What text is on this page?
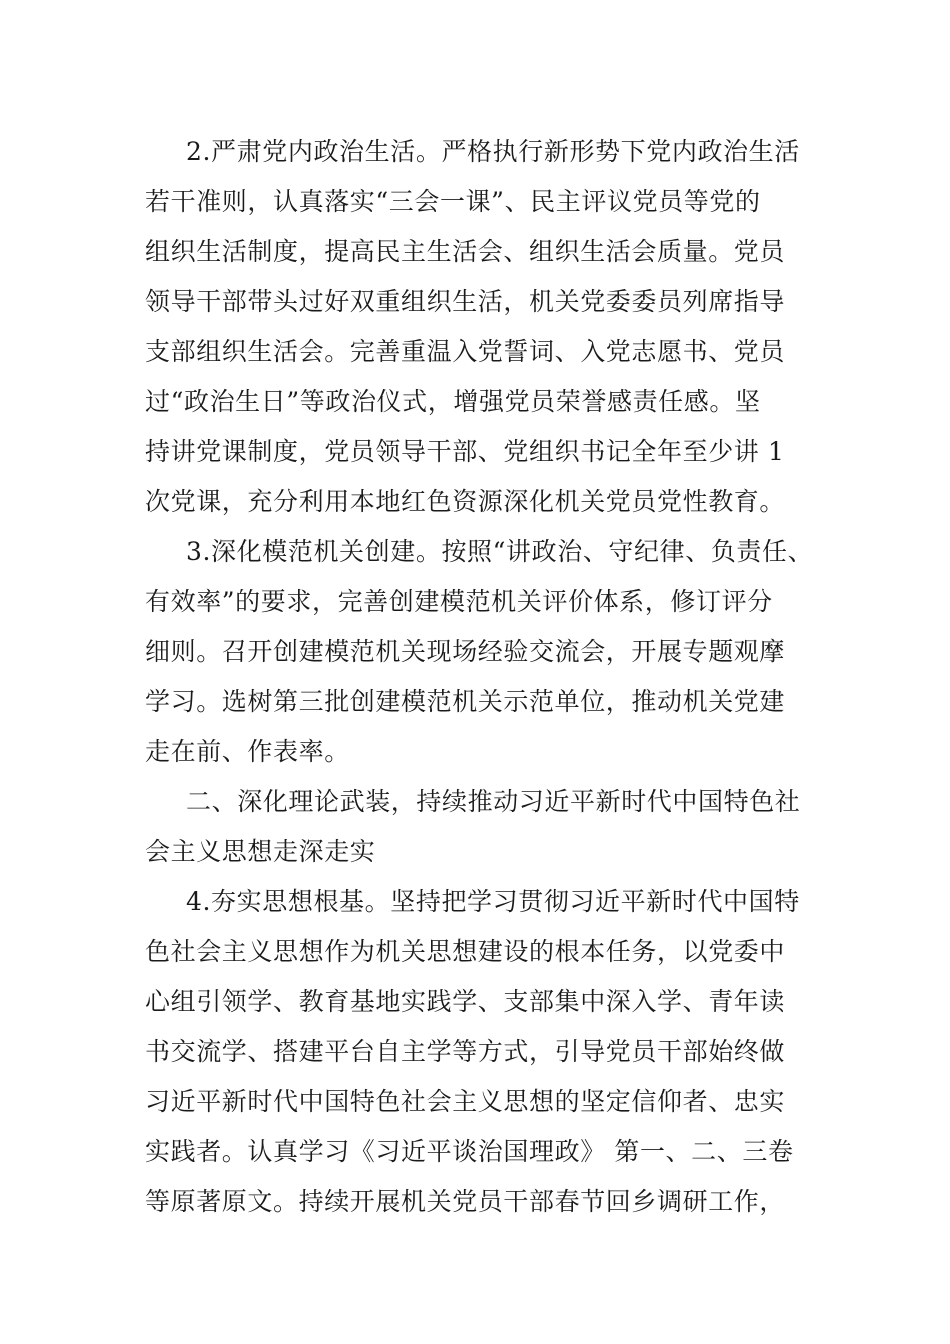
2.严肃党内政治生活。严格执行新形势下党内政治生活
若干准则，认真落实“三会一课”、民主评议党员等党的
组织生活制度，提高民主生活会、组织生活会质量。党员
领导干部带头过好双重组织生活，机关党委委员列席指导
支部组织生活会。完善重温入党誓词、入党志愿书、党员
过“政治生日”等政治仪式，增强党员荣誉感责任感。坚
持讲党课制度，党员领导干部、党组织书记全年至少讲 1
次党课，充分利用本地红色资源深化机关党员党性教育。
3.深化模范机关创建。按照“讲政治、守纪律、负责任、
有效率”的要求，完善创建模范机关评价体系，修订评分
细则。召开创建模范机关现场经验交流会，开展专题观摩
学习。选树第三批创建模范机关示范单位，推动机关党建
走在前、作表率。
二、深化理论武装，持续推动习近平新时代中国特色社
会主义思想走深走实
4.夯实思想根基。坚持把学习贯彻习近平新时代中国特
色社会主义思想作为机关思想建设的根本任务，以党委中
心组引领学、教育基地实践学、支部集中深入学、青年读
书交流学、搭建平台自主学等方式，引导党员干部始终做
习近平新时代中国特色社会主义思想的坚定信仰者、忠实
实践者。认真学习《习近平谈治国理政》 第一、二、三卷
等原著原文。持续开展机关党员干部春节回乡调研工作，
